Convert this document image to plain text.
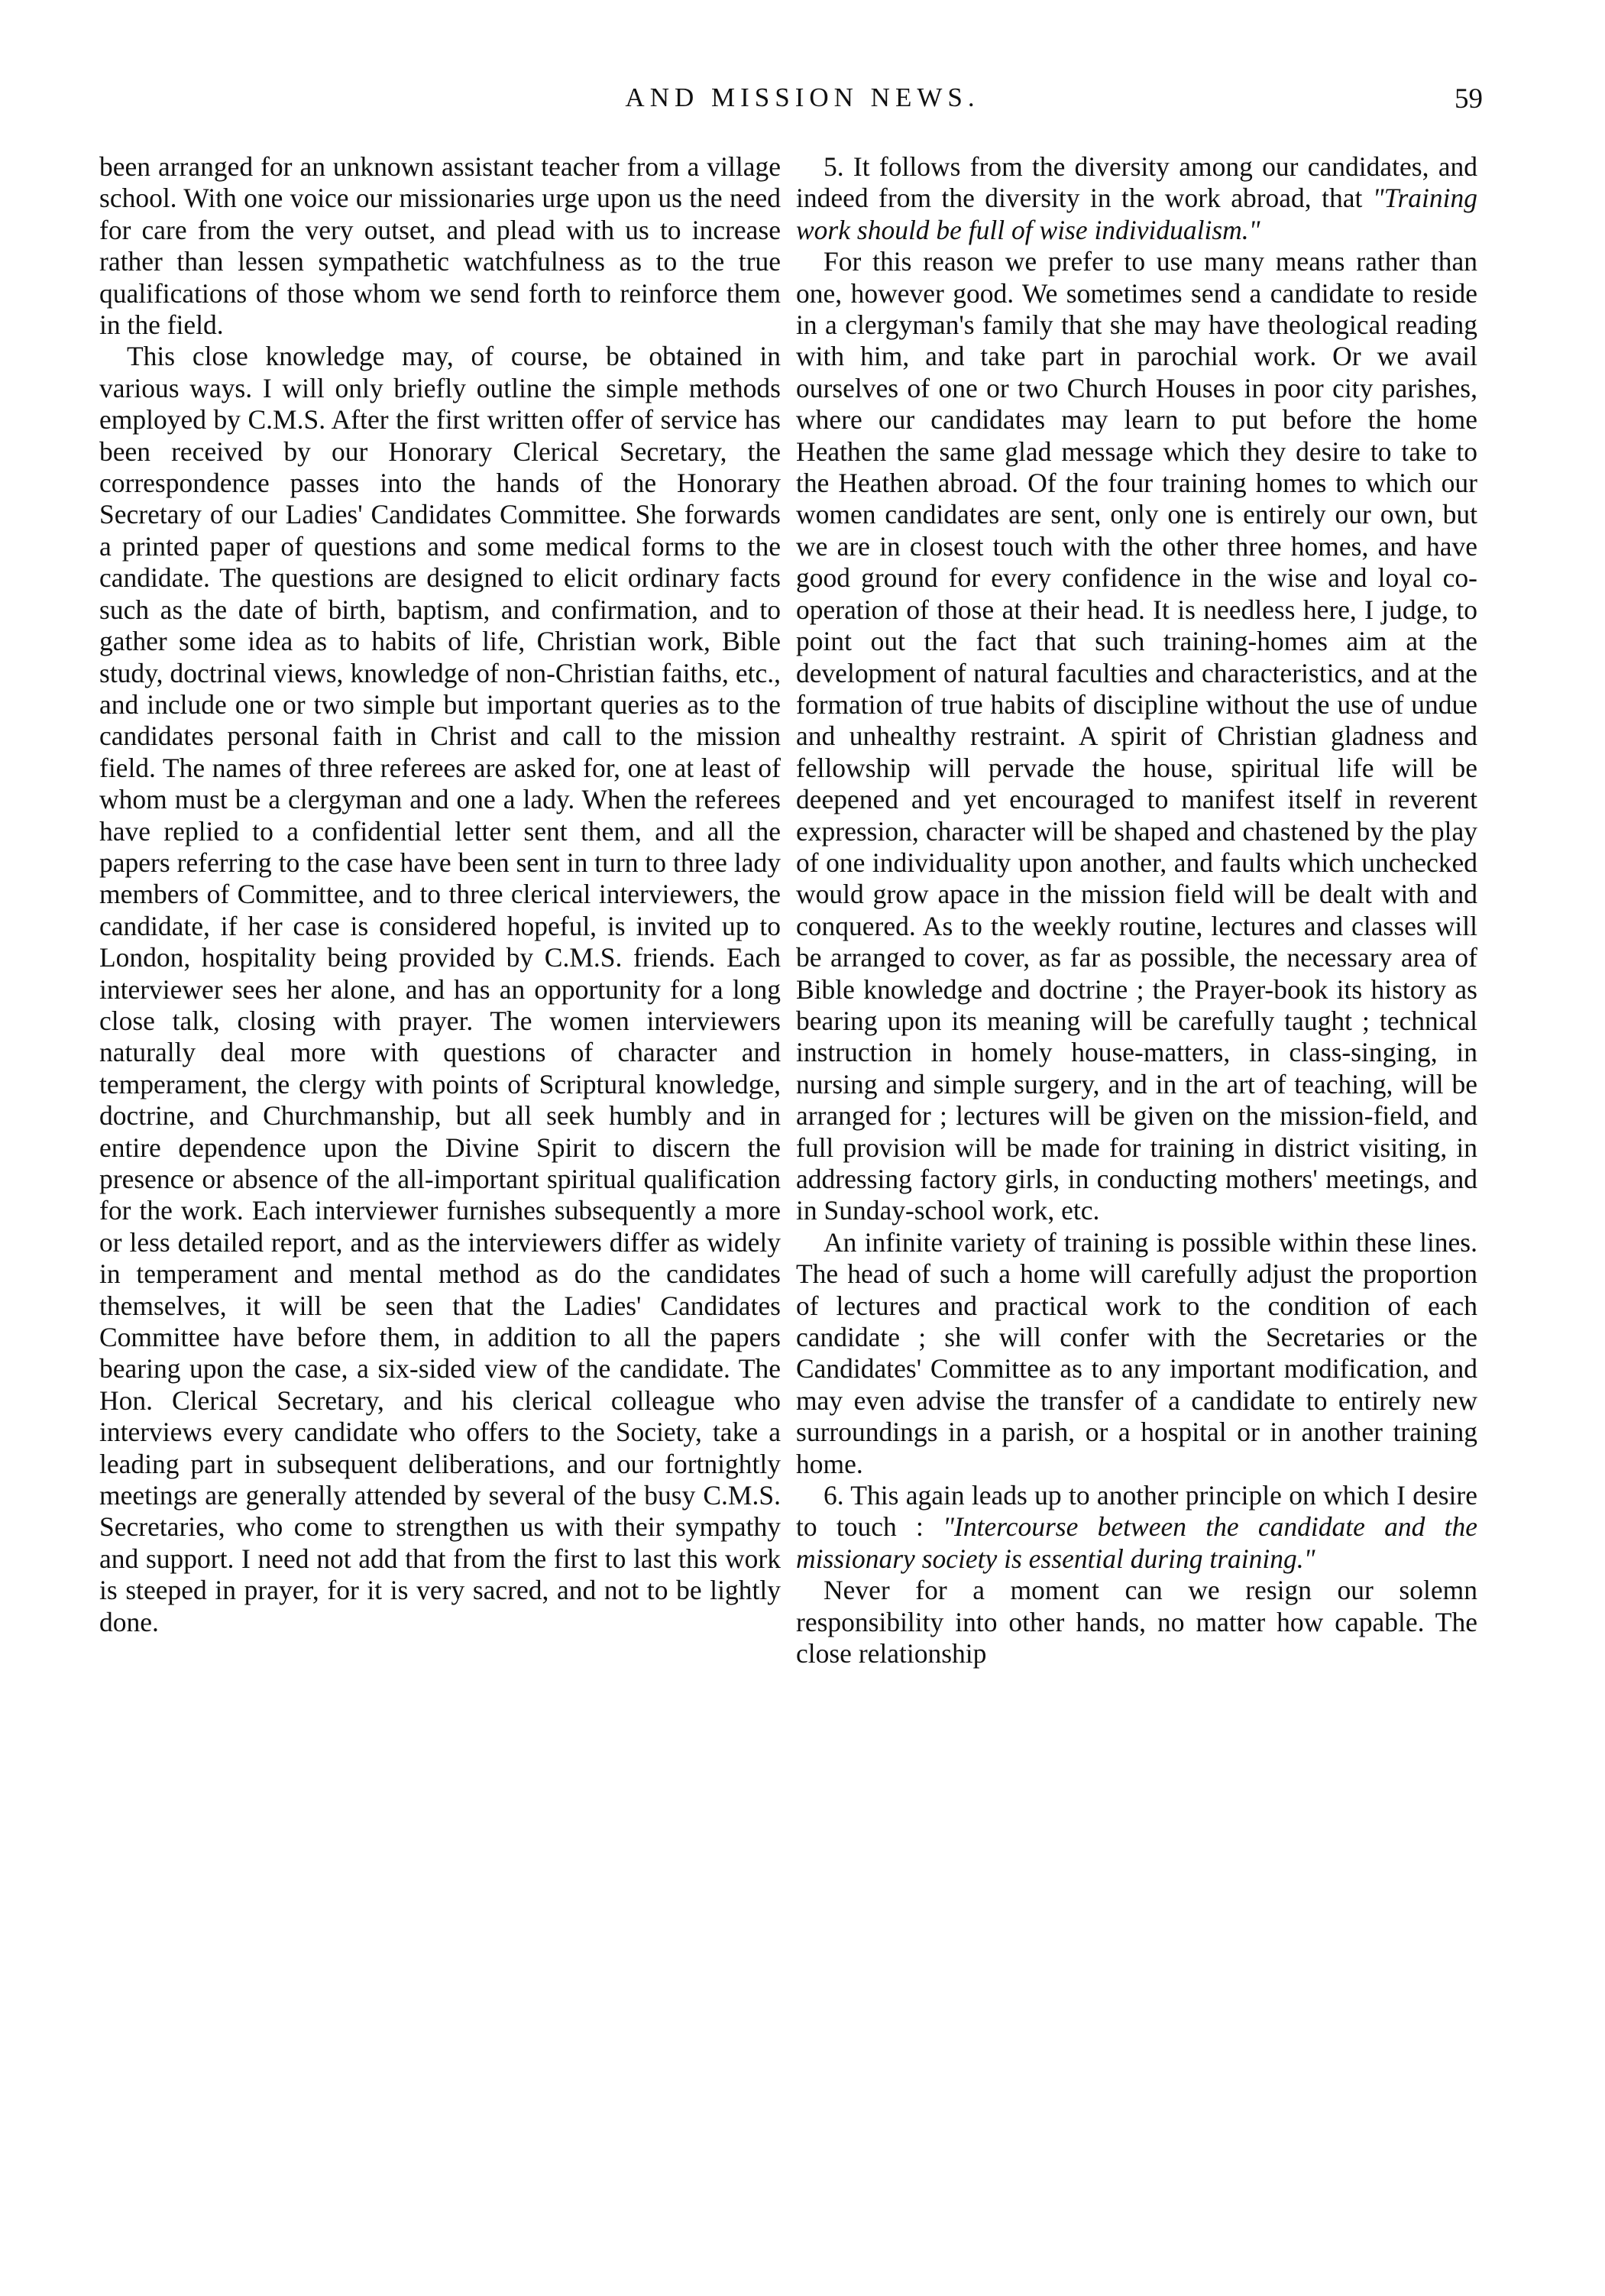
AND MISSION NEWS.	59

been arranged for an unknown assistant teacher from a village school. With one voice our missionaries urge upon us the need for care from the very outset, and plead with us to increase rather than lessen sympathetic watchfulness as to the true qualifications of those whom we send forth to reinforce them in the field.

This close knowledge may, of course, be obtained in various ways. I will only briefly outline the simple methods employed by C.M.S. After the first written offer of service has been received by our Honorary Clerical Secretary, the correspondence passes into the hands of the Honorary Secretary of our Ladies' Candidates Committee. She forwards a printed paper of questions and some medical forms to the candidate. The questions are designed to elicit ordinary facts such as the date of birth, baptism, and confirmation, and to gather some idea as to habits of life, Christian work, Bible study, doctrinal views, knowledge of non-Christian faiths, etc., and include one or two simple but important queries as to the candidates personal faith in Christ and call to the mission field. The names of three referees are asked for, one at least of whom must be a clergyman and one a lady. When the referees have replied to a confidential letter sent them, and all the papers referring to the case have been sent in turn to three lady members of Committee, and to three clerical interviewers, the candidate, if her case is considered hopeful, is invited up to London, hospitality being provided by C.M.S. friends. Each interviewer sees her alone, and has an opportunity for a long close talk, closing with prayer. The women interviewers naturally deal more with questions of character and temperament, the clergy with points of Scriptural knowledge, doctrine, and Churchmanship, but all seek humbly and in entire dependence upon the Divine Spirit to discern the presence or absence of the all-important spiritual qualification for the work. Each interviewer furnishes subsequently a more or less detailed report, and as the interviewers differ as widely in temperament and mental method as do the candidates themselves, it will be seen that the Ladies' Candidates Committee have before them, in addition to all the papers bearing upon the case, a six-sided view of the candidate. The Hon. Clerical Secretary, and his clerical colleague who interviews every candidate who offers to the Society, take a leading part in subsequent deliberations, and our fortnightly meetings are generally attended by several of the busy C.M.S. Secretaries, who come to strengthen us with their sympathy and support. I need not add that from the first to last this work is steeped in prayer, for it is very sacred, and not to be lightly done.

5. It follows from the diversity among our candidates, and indeed from the diversity in the work abroad, that "Training work should be full of wise individualism."

For this reason we prefer to use many means rather than one, however good. We sometimes send a candidate to reside in a clergyman's family that she may have theological reading with him, and take part in parochial work. Or we avail ourselves of one or two Church Houses in poor city parishes, where our candidates may learn to put before the home Heathen the same glad message which they desire to take to the Heathen abroad. Of the four training homes to which our women candidates are sent, only one is entirely our own, but we are in closest touch with the other three homes, and have good ground for every confidence in the wise and loyal co-operation of those at their head. It is needless here, I judge, to point out the fact that such training-homes aim at the development of natural faculties and characteristics, and at the formation of true habits of discipline without the use of undue and unhealthy restraint. A spirit of Christian gladness and fellowship will pervade the house, spiritual life will be deepened and yet encouraged to manifest itself in reverent expression, character will be shaped and chastened by the play of one individuality upon another, and faults which unchecked would grow apace in the mission field will be dealt with and conquered. As to the weekly routine, lectures and classes will be arranged to cover, as far as possible, the necessary area of Bible knowledge and doctrine ; the Prayer-book its history as bearing upon its meaning will be carefully taught ; technical instruction in homely house-matters, in class-singing, in nursing and simple surgery, and in the art of teaching, will be arranged for ; lectures will be given on the mission-field, and full provision will be made for training in district visiting, in addressing factory girls, in conducting mothers' meetings, and in Sunday-school work, etc.

An infinite variety of training is possible within these lines. The head of such a home will carefully adjust the proportion of lectures and practical work to the condition of each candidate ; she will confer with the Secretaries or the Candidates' Committee as to any important modification, and may even advise the transfer of a candidate to entirely new surroundings in a parish, or a hospital or in another training home.

6. This again leads up to another principle on which I desire to touch : "Intercourse between the candidate and the missionary society is essential during training."

Never for a moment can we resign our solemn responsibility into other hands, no matter how capable. The close relationship
